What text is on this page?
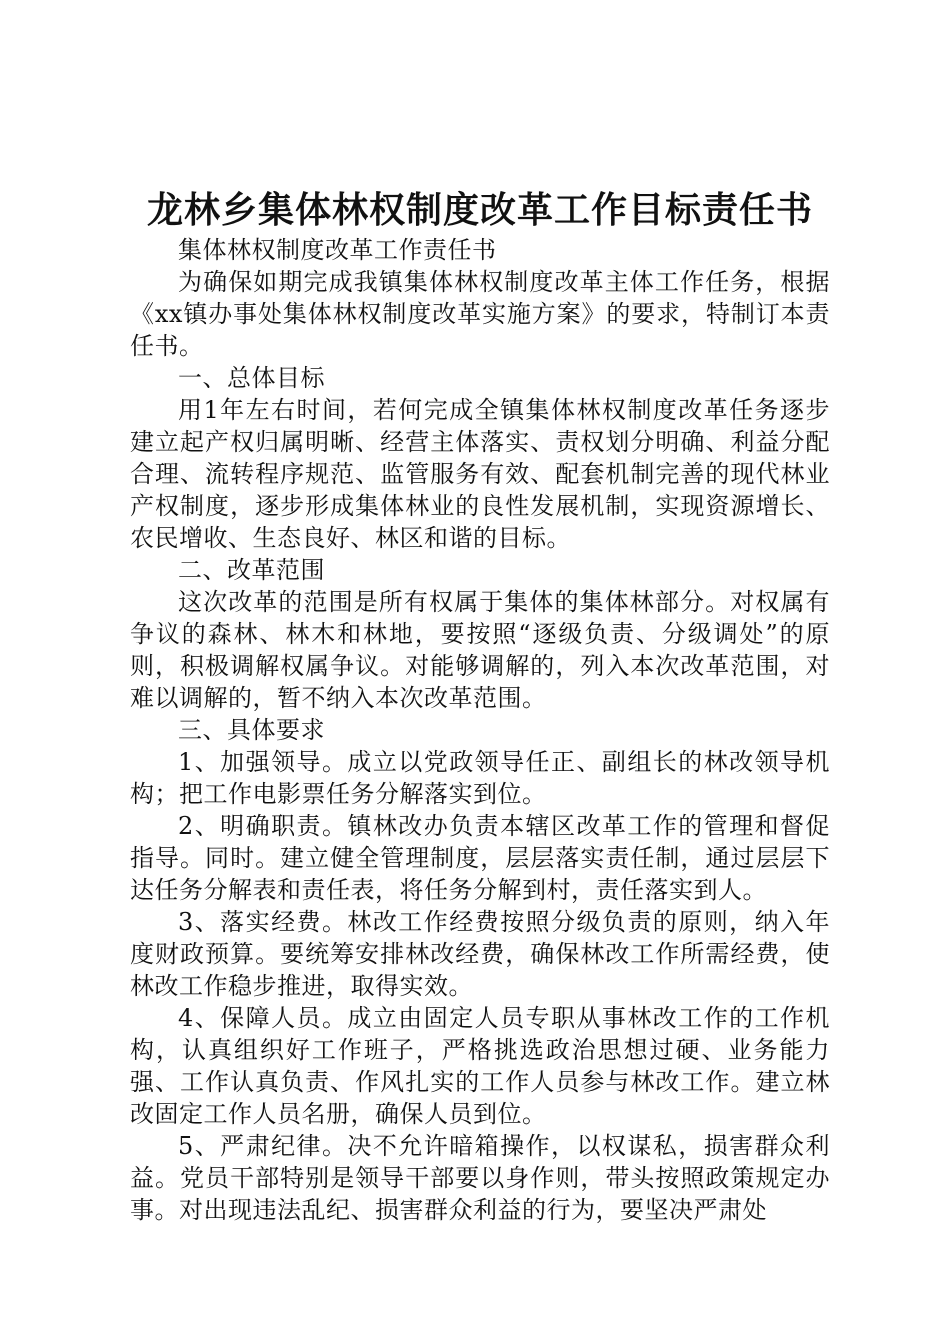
龙林乡集体林权制度改革工作目标责任书

集体林权制度改革工作责任书

为确保如期完成我镇集体林权制度改革主体工作任务，根据《xx镇办事处集体林权制度改革实施方案》的要求，特制订本责任书。

一、总体目标

用1年左右时间，若何完成全镇集体林权制度改革任务逐步建立起产权归属明晰、经营主体落实、责权划分明确、利益分配合理、流转程序规范、监管服务有效、配套机制完善的现代林业产权制度，逐步形成集体林业的良性发展机制，实现资源增长、农民增收、生态良好、林区和谐的目标。

二、改革范围

这次改革的范围是所有权属于集体的集体林部分。对权属有争议的森林、林木和林地，要按照“逐级负责、分级调处”的原则，积极调解权属争议。对能够调解的，列入本次改革范围，对难以调解的，暂不纳入本次改革范围。

三、具体要求

1、加强领导。成立以党政领导任正、副组长的林改领导机构；把工作电影票任务分解落实到位。

2、明确职责。镇林改办负责本辖区改革工作的管理和督促指导。同时。建立健全管理制度，层层落实责任制，通过层层下达任务分解表和责任表，将任务分解到村，责任落实到人。

3、落实经费。林改工作经费按照分级负责的原则，纳入年度财政预算。要统筹安排林改经费，确保林改工作所需经费，使林改工作稳步推进，取得实效。

4、保障人员。成立由固定人员专职从事林改工作的工作机构，认真组织好工作班子，严格挑选政治思想过硬、业务能力强、工作认真负责、作风扎实的工作人员参与林改工作。建立林改固定工作人员名册，确保人员到位。

5、严肃纪律。决不允许暗箱操作，以权谋私，损害群众利益。党员干部特别是领导干部要以身作则，带头按照政策规定办事。对出现违法乱纪、损害群众利益的行为，要坚决严肃处
